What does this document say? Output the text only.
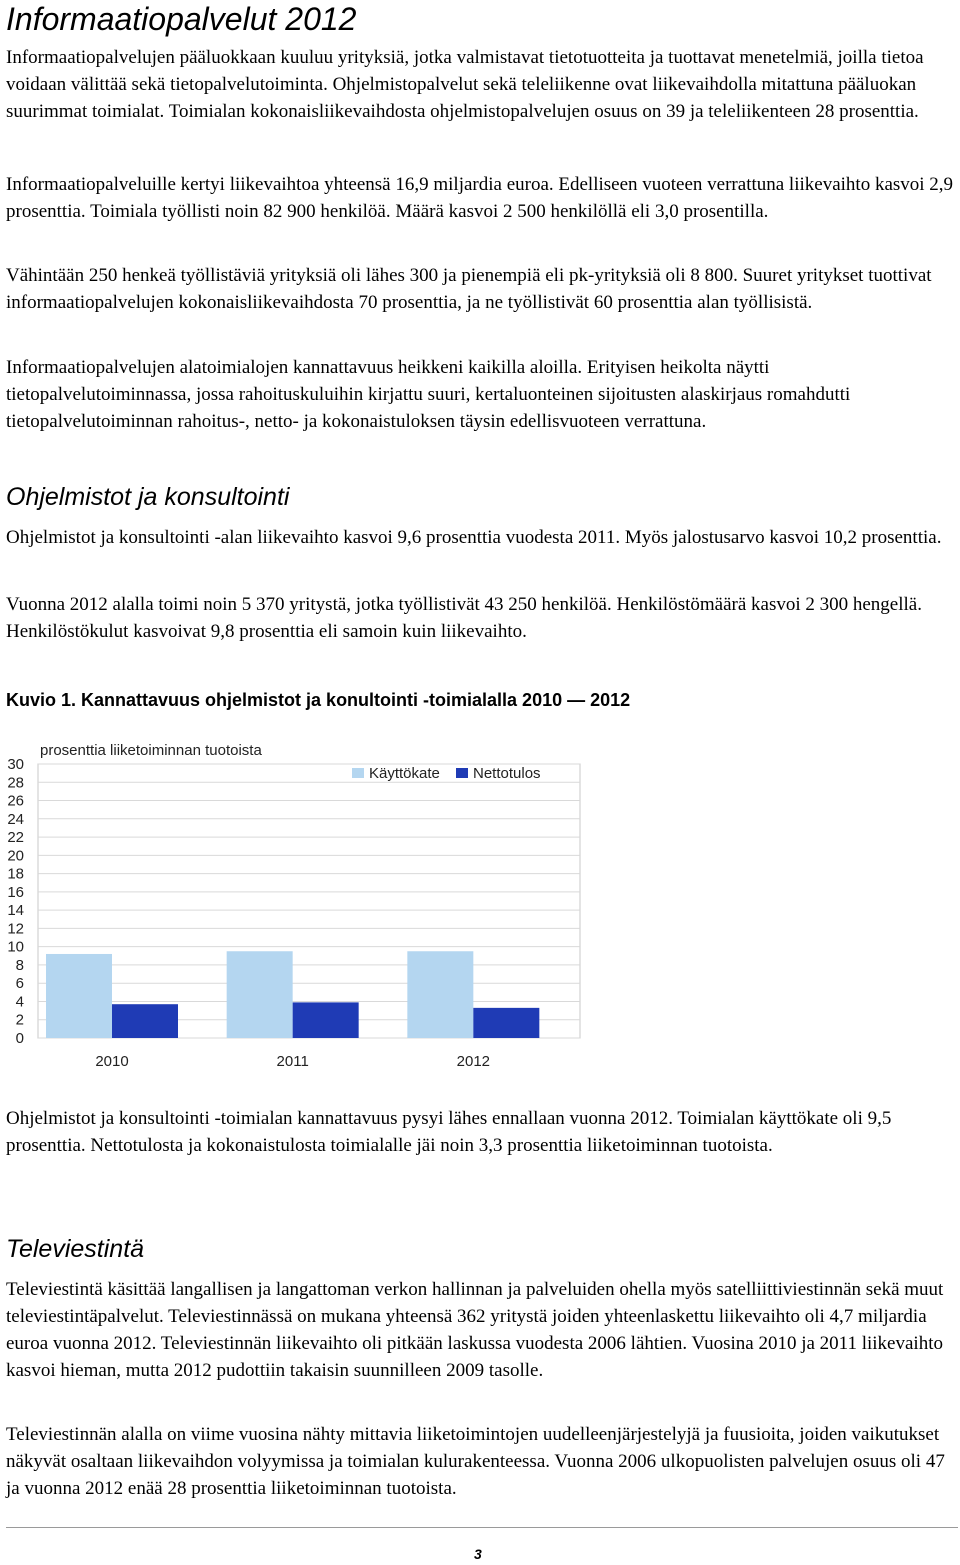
Informaatiopalvelut 2012

Informaatiopalvelujen pääluokkaan kuuluu yrityksiä, jotka valmistavat tietotuotteita ja tuottavat menetelmiä, joilla tietoa voidaan välittää sekä tietopalvelutoiminta. Ohjelmistopalvelut sekä teleliikenne ovat liikevaihdolla mitattuna pääluokan suurimmat toimialat. Toimialan kokonaisliikevaihdosta ohjelmistopalvelujen osuus on 39 ja teleliikenteen 28 prosenttia.

Informaatiopalveluille kertyi liikevaihtoa yhteensä 16,9 miljardia euroa. Edelliseen vuoteen verrattuna liikevaihto kasvoi 2,9 prosenttia. Toimiala työllisti noin 82 900 henkilöä. Määrä kasvoi 2 500 henkilöllä eli 3,0 prosentilla.

Vähintään 250 henkeä työllistäviä yrityksiä oli lähes 300 ja pienempiä eli pk-yrityksiä oli 8 800. Suuret yritykset tuottivat informaatiopalvelujen kokonaisliikevaihdosta 70 prosenttia, ja ne työllistivät 60 prosenttia alan työllisistä.

Informaatiopalvelujen alatoimialojen kannattavuus heikkeni kaikilla aloilla. Erityisen heikolta näytti tietopalvelutoiminnassa, jossa rahoituskuluihin kirjattu suuri, kertaluonteinen sijoitusten alaskirjaus romahdutti tietopalvelutoiminnan rahoitus-, netto- ja kokonaistuloksen täysin edellisvuoteen verrattuna.

Ohjelmistot ja konsultointi

Ohjelmistot ja konsultointi -alan liikevaihto kasvoi 9,6 prosenttia vuodesta 2011. Myös jalostusarvo kasvoi 10,2 prosenttia.

Vuonna 2012 alalla toimi noin 5 370 yritystä, jotka työllistivät 43 250 henkilöä. Henkilöstömäärä kasvoi 2 300 hengellä. Henkilöstökulut kasvoivat 9,8 prosenttia eli samoin kuin liikevaihto.

Kuvio 1. Kannattavuus ohjelmistot ja konultointi -toimialalla 2010 — 2012

0
2
4
6
8
10
12
14
16
18
20
22
24
26
28
30
prosenttia liiketoiminnan tuotoista
2010	2011	2012
Käyttökate Nettotulos

Ohjelmistot ja konsultointi -toimialan kannattavuus pysyi lähes ennallaan vuonna 2012. Toimialan käyttökate oli 9,5 prosenttia. Nettotulosta ja kokonaistulosta toimialalle jäi noin 3,3 prosenttia liiketoiminnan tuotoista.

Televiestintä

Televiestintä käsittää langallisen ja langattoman verkon hallinnan ja palveluiden ohella myös satelliittiviestinnän sekä muut televiestintäpalvelut. Televiestinnässä on mukana yhteensä 362 yritystä joiden yhteenlaskettu liikevaihto oli 4,7 miljardia euroa vuonna 2012. Televiestinnän liikevaihto oli pitkään laskussa vuodesta 2006 lähtien. Vuosina 2010 ja 2011 liikevaihto kasvoi hieman, mutta 2012 pudottiin takaisin suunnilleen 2009 tasolle.

Televiestinnän alalla on viime vuosina nähty mittavia liiketoimintojen uudelleenjärjestelyjä ja fuusioita, joiden vaikutukset näkyvät osaltaan liikevaihdon volyymissa ja toimialan kulurakenteessa. Vuonna 2006 ulkopuolisten palvelujen osuus oli 47 ja vuonna 2012 enää 28 prosenttia liiketoiminnan tuotoista.

3
